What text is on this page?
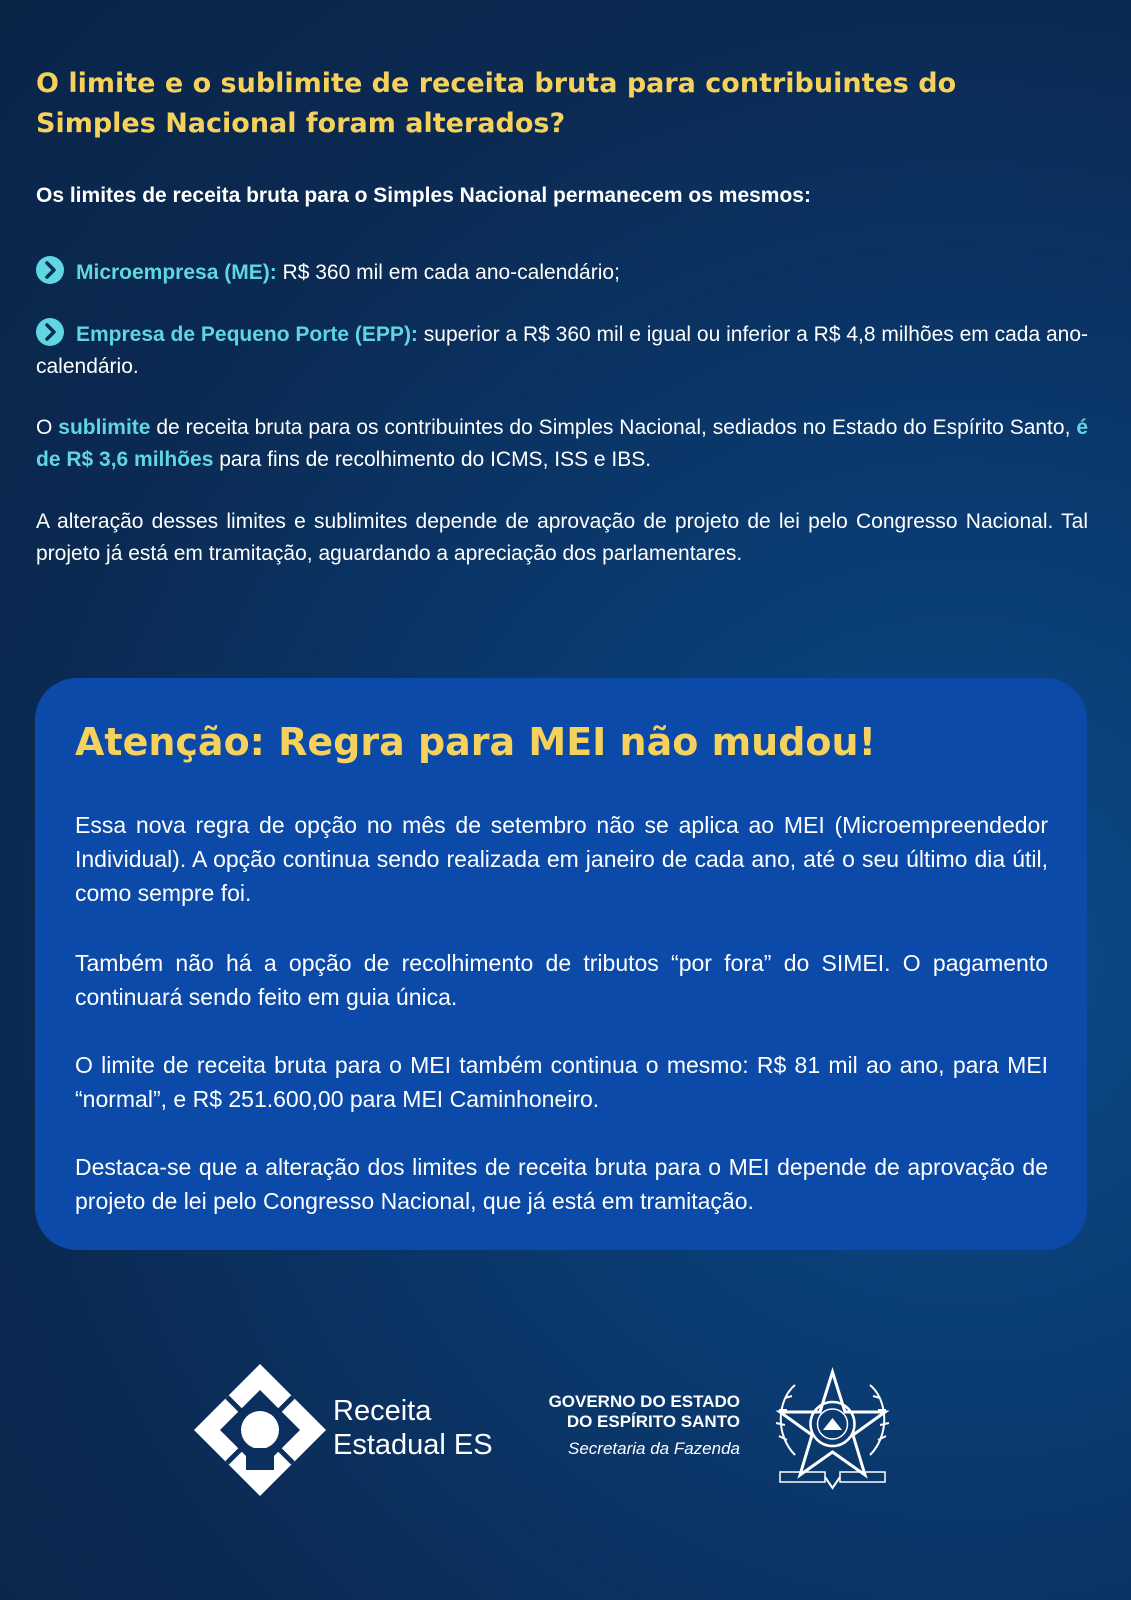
O limite e o sublimite de receita bruta para contribuintes do Simples Nacional foram alterados?

Os limites de receita bruta para o Simples Nacional permanecem os mesmos:

Microempresa (ME): R$ 360 mil em cada ano-calendário;

Empresa de Pequeno Porte (EPP): superior a R$ 360 mil e igual ou inferior a R$ 4,8 milhões em cada ano-calendário.

O sublimite de receita bruta para os contribuintes do Simples Nacional, sediados no Estado do Espírito Santo, é de R$ 3,6 milhões para fins de recolhimento do ICMS, ISS e IBS.

A alteração desses limites e sublimites depende de aprovação de projeto de lei pelo Congresso Nacional. Tal projeto já está em tramitação, aguardando a apreciação dos parlamentares.

Atenção: Regra para MEI não mudou!

Essa nova regra de opção no mês de setembro não se aplica ao MEI (Microempreendedor Individual). A opção continua sendo realizada em janeiro de cada ano, até o seu último dia útil, como sempre foi.

Também não há a opção de recolhimento de tributos “por fora” do SIMEI. O pagamento continuará sendo feito em guia única.

O limite de receita bruta para o MEI também continua o mesmo: R$ 81 mil ao ano, para MEI “normal”, e R$ 251.600,00 para MEI Caminhoneiro.

Destaca-se que a alteração dos limites de receita bruta para o MEI depende de aprovação de projeto de lei pelo Congresso Nacional, que já está em tramitação.

Receita
Estadual ES
GOVERNO DO ESTADO
DO ESPÍRITO SANTO
Secretaria da Fazenda
